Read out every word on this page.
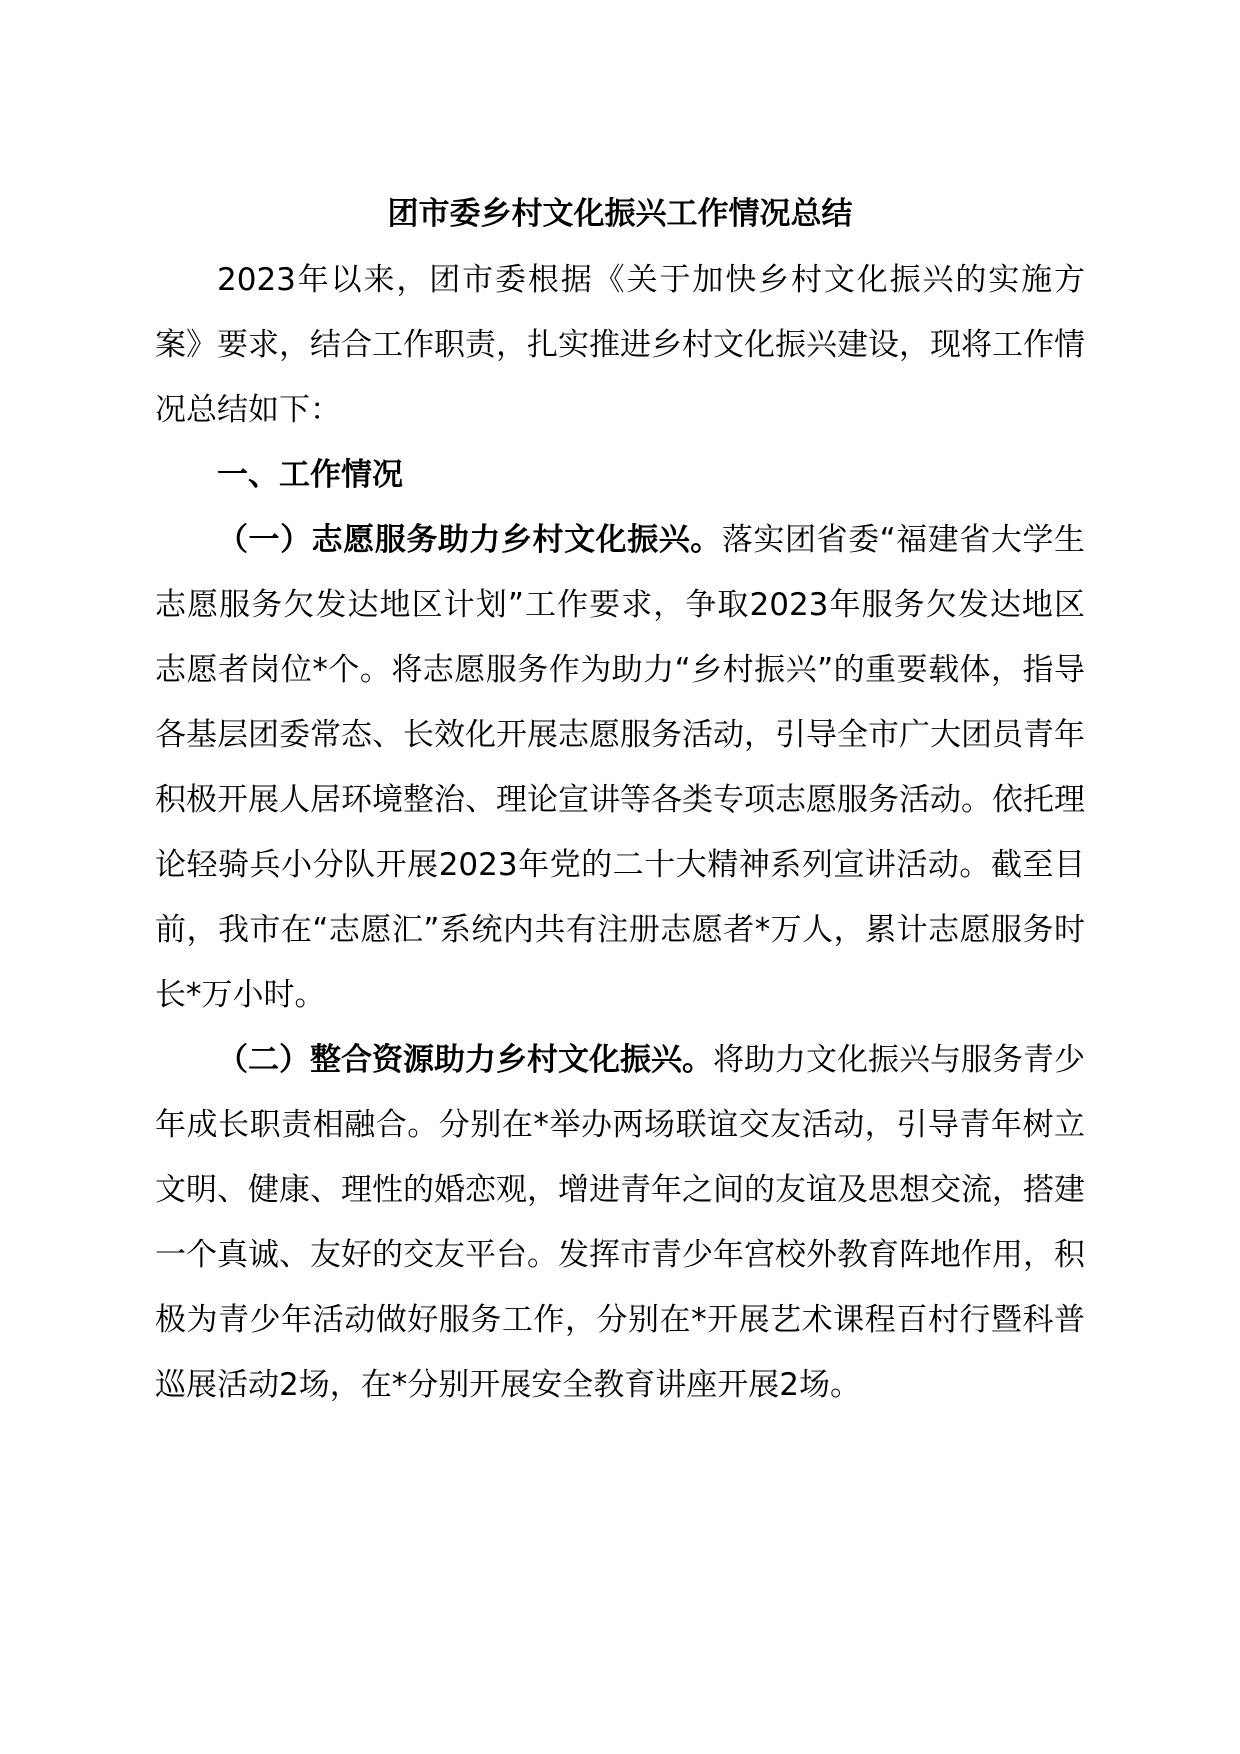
团市委乡村文化振兴工作情况总结

2023年以来，团市委根据《关于加快乡村文化振兴的实施方案》要求，结合工作职责，扎实推进乡村文化振兴建设，现将工作情况总结如下：

一、工作情况

（一）志愿服务助力乡村文化振兴。落实团省委“福建省大学生志愿服务欠发达地区计划”工作要求，争取2023年服务欠发达地区志愿者岗位*个。将志愿服务作为助力“乡村振兴”的重要载体，指导各基层团委常态、长效化开展志愿服务活动，引导全市广大团员青年积极开展人居环境整治、理论宣讲等各类专项志愿服务活动。依托理论轻骑兵小分队开展2023年党的二十大精神系列宣讲活动。截至目前，我市在“志愿汇”系统内共有注册志愿者*万人，累计志愿服务时长*万小时。

（二）整合资源助力乡村文化振兴。将助力文化振兴与服务青少年成长职责相融合。分别在*举办两场联谊交友活动，引导青年树立文明、健康、理性的婚恋观，增进青年之间的友谊及思想交流，搭建一个真诚、友好的交友平台。发挥市青少年宫校外教育阵地作用，积极为青少年活动做好服务工作，分别在*开展艺术课程百村行暨科普巡展活动2场，在*分别开展安全教育讲座开展2场。
